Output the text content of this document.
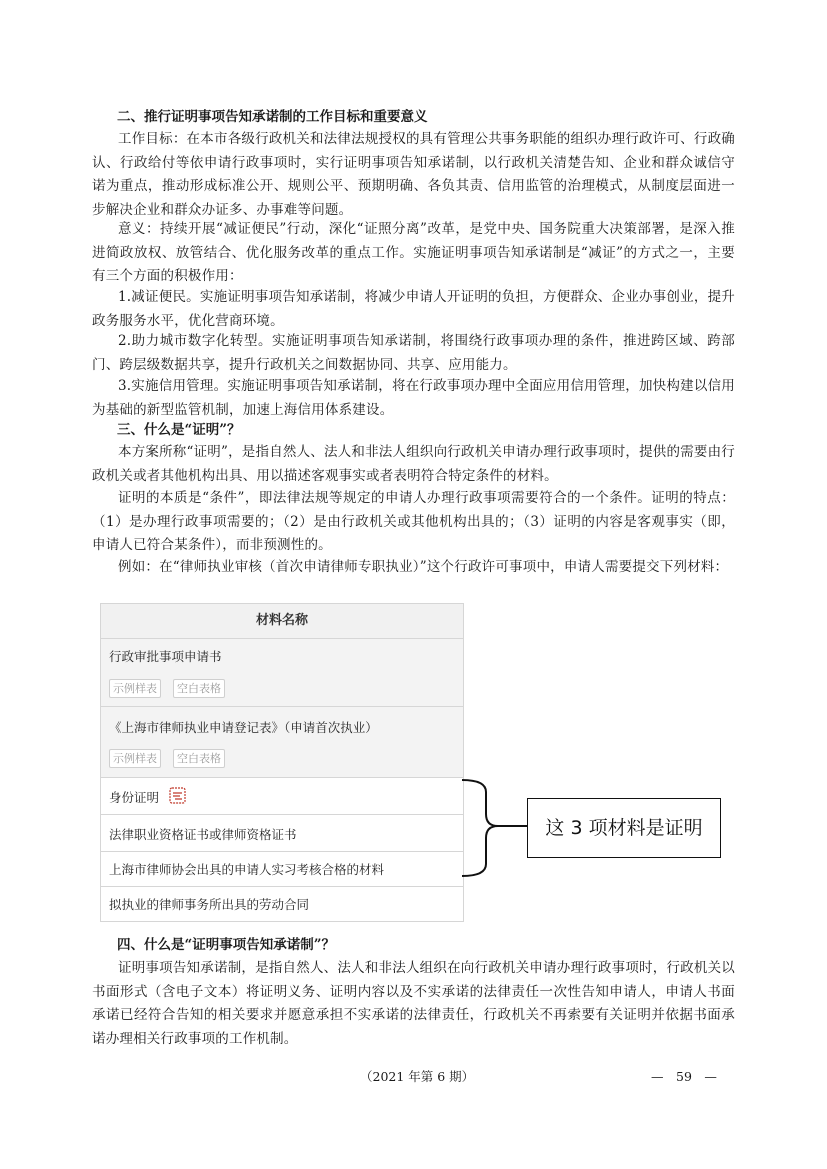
二、推行证明事项告知承诺制的工作目标和重要意义
工作目标：在本市各级行政机关和法律法规授权的具有管理公共事务职能的组织办理行政许可、行政确认、行政给付等依申请行政事项时，实行证明事项告知承诺制，以行政机关清楚告知、企业和群众诚信守诺为重点，推动形成标准公开、规则公平、预期明确、各负其责、信用监管的治理模式，从制度层面进一步解决企业和群众办证多、办事难等问题。
意义：持续开展“减证便民”行动，深化“证照分离”改革，是党中央、国务院重大决策部署，是深入推进简政放权、放管结合、优化服务改革的重点工作。实施证明事项告知承诺制是“减证”的方式之一，主要有三个方面的积极作用：
1.减证便民。实施证明事项告知承诺制，将减少申请人开证明的负担，方便群众、企业办事创业，提升政务服务水平，优化营商环境。
2.助力城市数字化转型。实施证明事项告知承诺制，将围绕行政事项办理的条件，推进跨区域、跨部门、跨层级数据共享，提升行政机关之间数据协同、共享、应用能力。
3.实施信用管理。实施证明事项告知承诺制，将在行政事项办理中全面应用信用管理，加快构建以信用为基础的新型监管机制，加速上海信用体系建设。
三、什么是“证明”？
本方案所称“证明”，是指自然人、法人和非法人组织向行政机关申请办理行政事项时，提供的需要由行政机关或者其他机构出具、用以描述客观事实或者表明符合特定条件的材料。
证明的本质是“条件”，即法律法规等规定的申请人办理行政事项需要符合的一个条件。证明的特点：（1）是办理行政事项需要的；（2）是由行政机关或其他机构出具的；（3）证明的内容是客观事实（即，申请人已符合某条件），而非预测性的。
例如：在“律师执业审核（首次申请律师专职执业）”这个行政许可事项中，申请人需要提交下列材料：
材料名称
行政审批事项申请书
示例样表	空白表格
《上海市律师执业申请登记表》（申请首次执业）
示例样表	空白表格
身份证明
法律职业资格证书或律师资格证书
上海市律师协会出具的申请人实习考核合格的材料
拟执业的律师事务所出具的劳动合同
这 3 项材料是证明
四、什么是“证明事项告知承诺制”？
证明事项告知承诺制，是指自然人、法人和非法人组织在向行政机关申请办理行政事项时，行政机关以书面形式（含电子文本）将证明义务、证明内容以及不实承诺的法律责任一次性告知申请人，申请人书面承诺已经符合告知的相关要求并愿意承担不实承诺的法律责任，行政机关不再索要有关证明并依据书面承诺办理相关行政事项的工作机制。
（2021 年第 6 期）	—　59　—
